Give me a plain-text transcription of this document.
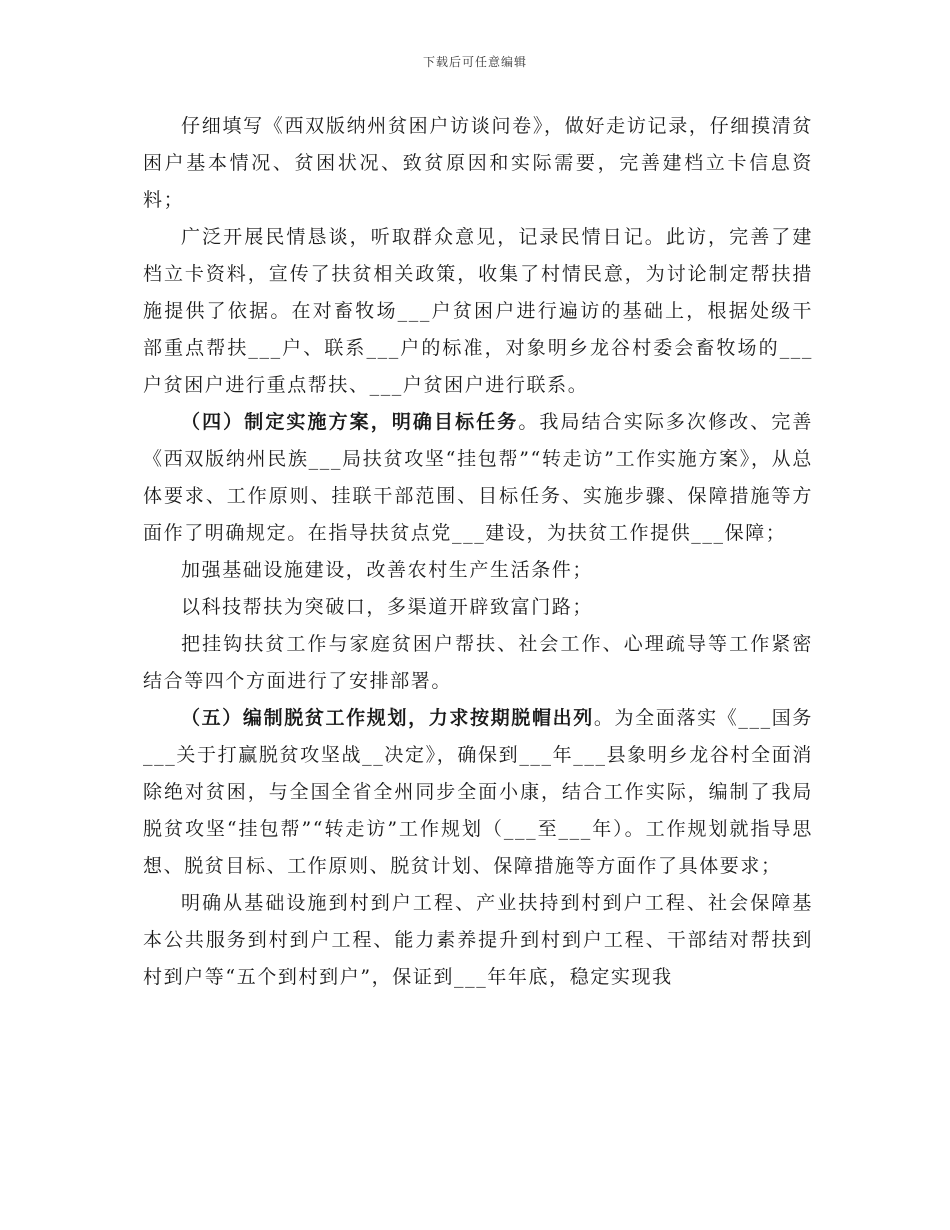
下载后可任意编辑

仔细填写《西双版纳州贫困户访谈问卷》，做好走访记录，仔细摸清贫困户基本情况、贫困状况、致贫原因和实际需要，完善建档立卡信息资料；

广泛开展民情恳谈，听取群众意见，记录民情日记。此访，完善了建档立卡资料，宣传了扶贫相关政策，收集了村情民意，为讨论制定帮扶措施提供了依据。在对畜牧场___户贫困户进行遍访的基础上，根据处级干部重点帮扶___户、联系___户的标准，对象明乡龙谷村委会畜牧场的___户贫困户进行重点帮扶、___户贫困户进行联系。

（四）制定实施方案，明确目标任务。我局结合实际多次修改、完善《西双版纳州民族___局扶贫攻坚“挂包帮”“转走访”工作实施方案》，从总体要求、工作原则、挂联干部范围、目标任务、实施步骤、保障措施等方面作了明确规定。在指导扶贫点党___建设，为扶贫工作提供___保障；

加强基础设施建设，改善农村生产生活条件；

以科技帮扶为突破口，多渠道开辟致富门路；

把挂钩扶贫工作与家庭贫困户帮扶、社会工作、心理疏导等工作紧密结合等四个方面进行了安排部署。

（五）编制脱贫工作规划，力求按期脱帽出列。为全面落实《___国务___关于打赢脱贫攻坚战__决定》，确保到___年___县象明乡龙谷村全面消除绝对贫困，与全国全省全州同步全面小康，结合工作实际，编制了我局脱贫攻坚“挂包帮”“转走访”工作规划（___至___年）。工作规划就指导思想、脱贫目标、工作原则、脱贫计划、保障措施等方面作了具体要求；

明确从基础设施到村到户工程、产业扶持到村到户工程、社会保障基本公共服务到村到户工程、能力素养提升到村到户工程、干部结对帮扶到村到户等“五个到村到户”，保证到___年年底，稳定实现我
